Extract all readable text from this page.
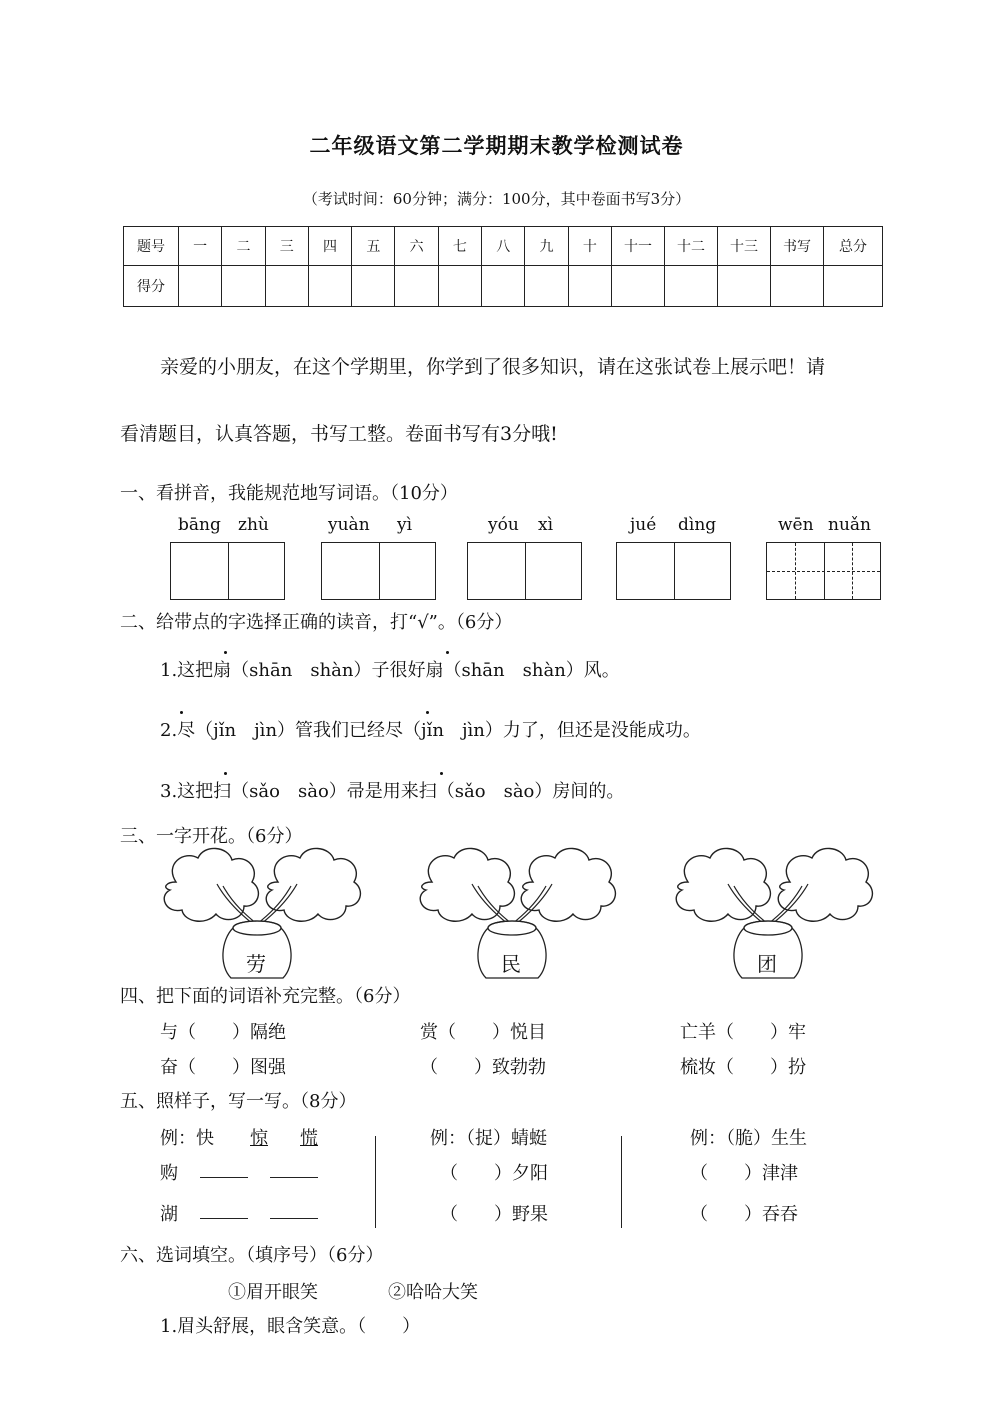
二年级语文第二学期期末教学检测试卷
（考试时间：60分钟；满分：100分，其中卷面书写3分）
题号	一	二	三	四	五	六	七	八	九	十	十一	十二	十三	书写	总分
得分															
亲爱的小朋友，在这个学期里，你学到了很多知识，请在这张试卷上展示吧！请
看清题目，认真答题，书写工整。卷面书写有3分哦!
一、看拼音，我能规范地写词语。（10分）
bāng zhù	yuàn yì	yóu xì	jué dìng	wēn nuǎn
二、给带点的字选择正确的读音，打“√”。（6分）
1.这把扇（shān　shàn）子很好扇（shān　shàn）风。
2.尽（jǐn　jìn）管我们已经尽（jǐn　jìn）力了，但还是没能成功。
3.这把扫（sǎo　sào）帚是用来扫（sǎo　sào）房间的。
三、一字开花。（6分）
劳	民	团
四、把下面的词语补充完整。（6分）
与（　　）隔绝	赏（　　）悦目	亡羊（　　）牢
奋（　　）图强	（　　）致勃勃	梳妆（　　）扮
五、照样子，写一写。（8分）
例：快 惊 慌
购
湖
例：（捉）蜻蜓
（　　）夕阳
（　　）野果
例：（脆）生生
（　　）津津
（　　）吞吞
六、选词填空。（填序号）（6分）
①眉开眼笑	②哈哈大笑
1.眉头舒展，眼含笑意。（　　）
